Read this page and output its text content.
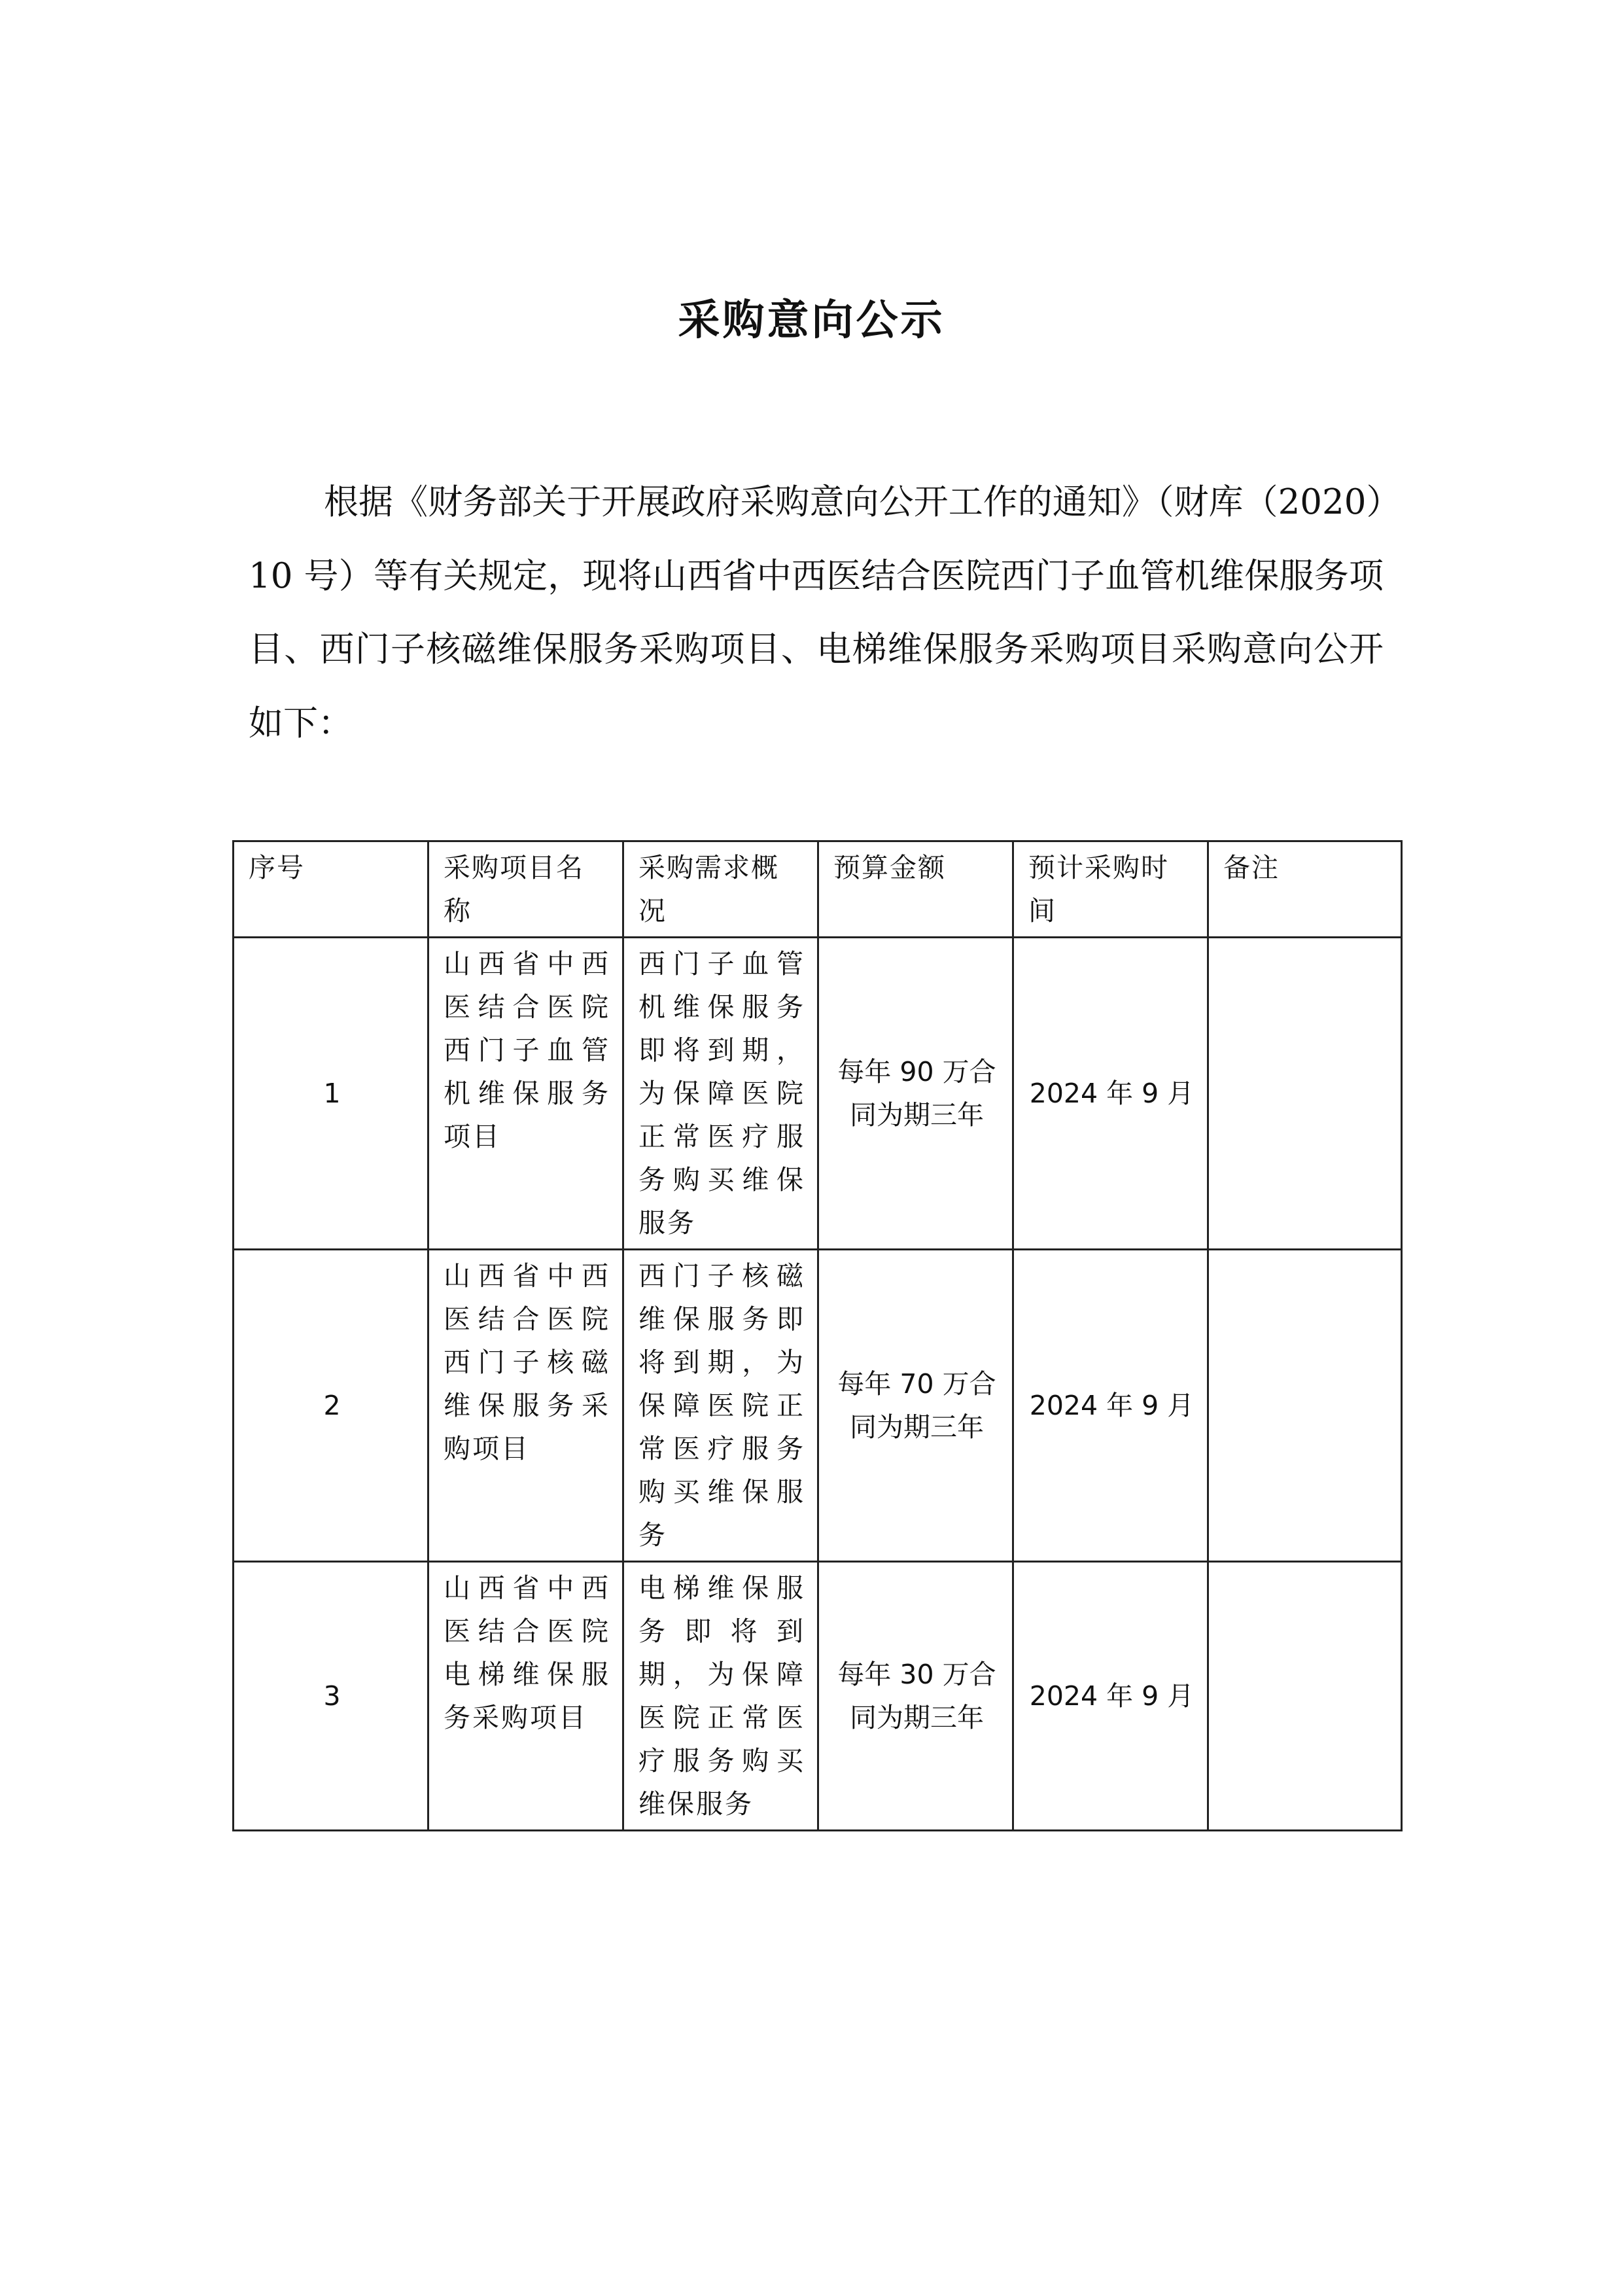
采购意向公示

根据《财务部关于开展政府采购意向公开工作的通知》（财库（2020）10 号）等有关规定，现将山西省中西医结合医院西门子血管机维保服务项目、西门子核磁维保服务采购项目、电梯维保服务采购项目采购意向公开如下：

序号	采购项目名称	采购需求概况	预算金额	预计采购时间	备注
1	山西省中西医结合医院西门子血管机维保服务项目	西门子血管机维保服务即将到期，为保障医院正常医疗服务购买维保服务	每年 90 万合同为期三年	2024 年 9 月	
2	山西省中西医结合医院西门子核磁维保服务采购项目	西门子核磁维保服务即将到期，为保障医院正常医疗服务购买维保服务	每年 70 万合同为期三年	2024 年 9 月	
3	山西省中西医结合医院电梯维保服务采购项目	电梯维保服务即将到期，为保障医院正常医疗服务购买维保服务	每年 30 万合同为期三年	2024 年 9 月	
